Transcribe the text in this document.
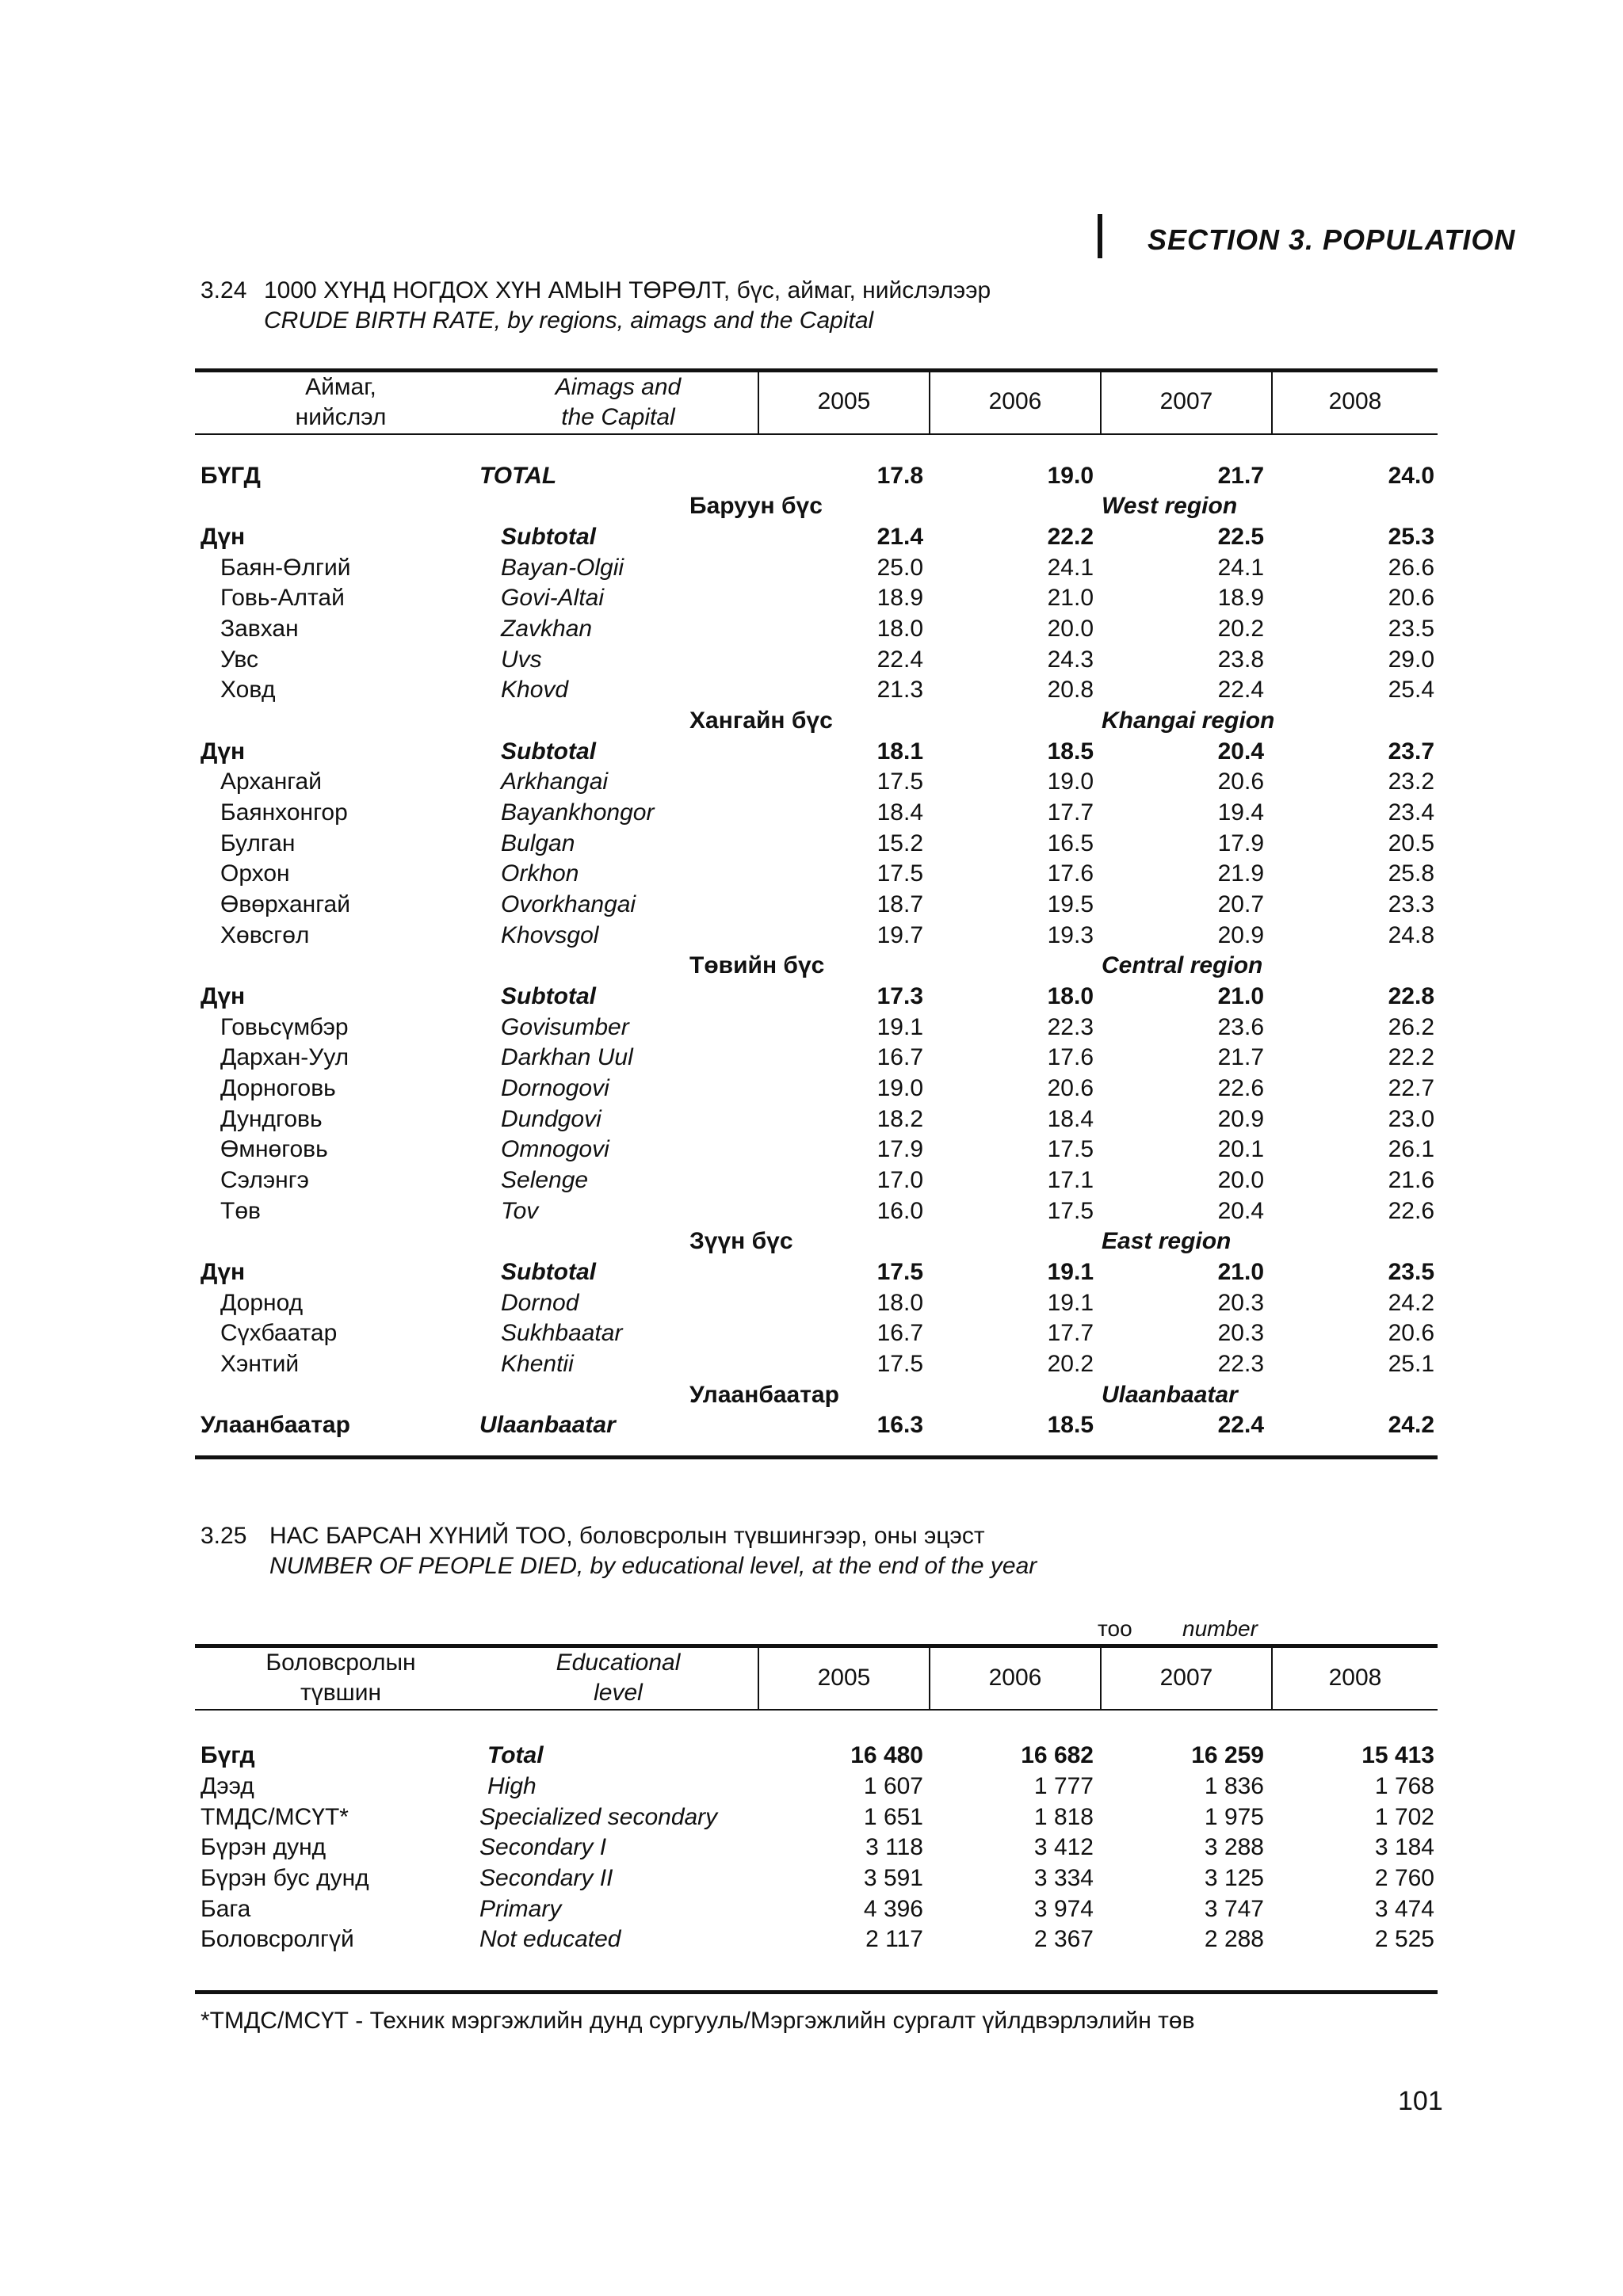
SECTION 3. POPULATION
3.24 1000 ХҮНД НОГДОХ ХҮН АМЫН ТӨРӨЛТ, бүс, аймаг, нийслэлээр
CRUDE BIRTH RATE, by regions, aimags and the Capital
Аймаг,
нийслэл
Aimags and
the Capital
2005	2006	2007	2008
БҮГД	TOTAL	17.8	19.0	21.7	24.0
Баруун бүс	West region
Дүн	Subtotal	21.4	22.2	22.5	25.3
Баян-Өлгий	Bayan-Olgii	25.0	24.1	24.1	26.6
Говь-Алтай	Govi-Altai	18.9	21.0	18.9	20.6
Завхан	Zavkhan	18.0	20.0	20.2	23.5
Увс	Uvs	22.4	24.3	23.8	29.0
Ховд	Khovd	21.3	20.8	22.4	25.4
Хангайн бүс	Khangai region
Дүн	Subtotal	18.1	18.5	20.4	23.7
Архангай	Arkhangai	17.5	19.0	20.6	23.2
Баянхонгор	Bayankhongor	18.4	17.7	19.4	23.4
Булган	Bulgan	15.2	16.5	17.9	20.5
Орхон	Orkhon	17.5	17.6	21.9	25.8
Өвөрхангай	Ovorkhangai	18.7	19.5	20.7	23.3
Хөвсгөл	Khovsgol	19.7	19.3	20.9	24.8
Төвийн бүс	Central region
Дүн	Subtotal	17.3	18.0	21.0	22.8
Говьсүмбэр	Govisumber	19.1	22.3	23.6	26.2
Дархан-Уул	Darkhan Uul	16.7	17.6	21.7	22.2
Дорноговь	Dornogovi	19.0	20.6	22.6	22.7
Дундговь	Dundgovi	18.2	18.4	20.9	23.0
Өмнөговь	Omnogovi	17.9	17.5	20.1	26.1
Сэлэнгэ	Selenge	17.0	17.1	20.0	21.6
Төв	Tov	16.0	17.5	20.4	22.6
Зүүн бүс	East region
Дүн	Subtotal	17.5	19.1	21.0	23.5
Дорнод	Dornod	18.0	19.1	20.3	24.2
Сүхбаатар	Sukhbaatar	16.7	17.7	20.3	20.6
Хэнтий	Khentii	17.5	20.2	22.3	25.1
Улаанбаатар	Ulaanbaatar
Улаанбаатар	Ulaanbaatar	16.3	18.5	22.4	24.2
3.25 НАС БАРСАН ХҮНИЙ ТОО, боловсролын түвшингээр, оны эцэст
NUMBER OF PEOPLE DIED, by educational level, at the end of the year
тоо number
Боловсролын
түвшин
Educational
level
2005	2006	2007	2008
Бүгд	Total	16 480	16 682	16 259	15 413
Дээд	High	1 607	1 777	1 836	1 768
ТМДС/МСҮТ*	Specialized secondary	1 651	1 818	1 975	1 702
Бүрэн дунд	Secondary I	3 118	3 412	3 288	3 184
Бүрэн бус дунд	Secondary II	3 591	3 334	3 125	2 760
Бага	Primary	4 396	3 974	3 747	3 474
Боловсролгүй	Not educated	2 117	2 367	2 288	2 525
*ТМДС/МСҮТ - Техник мэргэжлийн дунд сургууль/Мэргэжлийн сургалт үйлдвэрлэлийн төв
101
